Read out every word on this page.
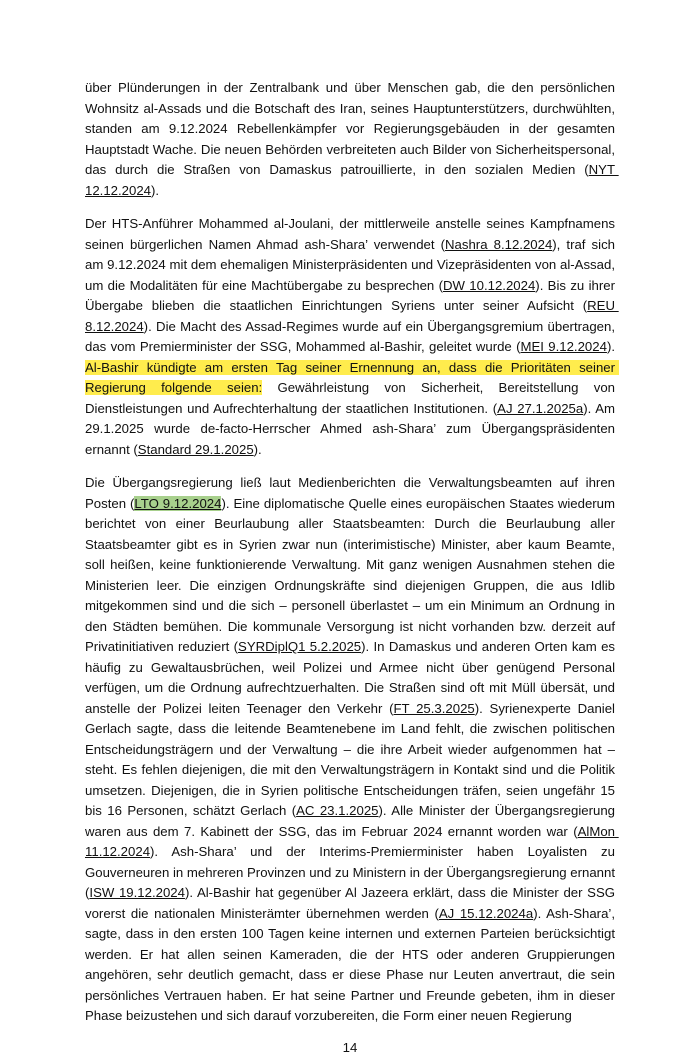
über Plünderungen in der Zentralbank und über Menschen gab, die den persönlichen Wohnsitz al-Assads und die Botschaft des Iran, seines Hauptunterstützers, durchwühlten, standen am 9.12.2024 Rebellenkämpfer vor Regierungsgebäuden in der gesamten Hauptstadt Wache. Die neuen Behörden verbreiteten auch Bilder von Sicherheitspersonal, das durch die Straßen von Damaskus patrouillierte, in den sozialen Medien (NYT 12.12.2024).

Der HTS-Anführer Mohammed al-Joulani, der mittlerweile anstelle seines Kampfnamens seinen bürgerlichen Namen Ahmad ash-Shara’ verwendet (Nashra 8.12.2024), traf sich am 9.12.2024 mit dem ehemaligen Ministerpräsidenten und Vizepräsidenten von al-Assad, um die Modalitäten für eine Machtübergabe zu besprechen (DW 10.12.2024). Bis zu ihrer Übergabe blieben die staatlichen Einrichtungen Syriens unter seiner Aufsicht (REU 8.12.2024). Die Macht des Assad-Regimes wurde auf ein Übergangsgremium übertragen, das vom Premierminister der SSG, Mohammed al-Bashir, geleitet wurde (MEI 9.12.2024). Al-Bashir kündigte am ersten Tag seiner Ernennung an, dass die Prioritäten seiner Regierung folgende seien: Gewährleistung von Sicherheit, Bereitstellung von Dienstleistungen und Aufrechterhaltung der staatlichen Institutionen. (AJ 27.1.2025a). Am 29.1.2025 wurde de-facto-Herrscher Ahmed ash-Shara’ zum Übergangspräsidenten ernannt (Standard 29.1.2025).

Die Übergangsregierung ließ laut Medienberichten die Verwaltungsbeamten auf ihren Posten (LTO 9.12.2024). Eine diplomatische Quelle eines europäischen Staates wiederum berichtet von einer Beurlaubung aller Staatsbeamten: Durch die Beurlaubung aller Staatsbeamter gibt es in Syrien zwar nun (interimistische) Minister, aber kaum Beamte, soll heißen, keine funktionierende Verwaltung. Mit ganz wenigen Ausnahmen stehen die Ministerien leer. Die einzigen Ordnungskräfte sind diejenigen Gruppen, die aus Idlib mitgekommen sind und die sich – personell überlastet – um ein Minimum an Ordnung in den Städten bemühen. Die kommunale Versorgung ist nicht vorhanden bzw. derzeit auf Privatinitiativen reduziert (SYRDiplQ1 5.2.2025). In Damaskus und anderen Orten kam es häufig zu Gewaltausbrüchen, weil Polizei und Armee nicht über genügend Personal verfügen, um die Ordnung aufrechtzuerhalten. Die Straßen sind oft mit Müll übersät, und anstelle der Polizei leiten Teenager den Verkehr (FT 25.3.2025). Syrienexperte Daniel Gerlach sagte, dass die leitende Beamtenebene im Land fehlt, die zwischen politischen Entscheidungsträgern und der Verwaltung – die ihre Arbeit wieder aufgenommen hat – steht. Es fehlen diejenigen, die mit den Verwaltungsträgern in Kontakt sind und die Politik umsetzen. Diejenigen, die in Syrien politische Entscheidungen träfen, seien ungefähr 15 bis 16 Personen, schätzt Gerlach (AC 23.1.2025). Alle Minister der Übergangsregierung waren aus dem 7. Kabinett der SSG, das im Februar 2024 ernannt worden war (AlMon 11.12.2024). Ash-Shara’ und der Interims-Premierminister haben Loyalisten zu Gouverneuren in mehreren Provinzen und zu Ministern in der Übergangsregierung ernannt (ISW 19.12.2024). Al-Bashir hat gegenüber Al Jazeera erklärt, dass die Minister der SSG vorerst die nationalen Ministerämter übernehmen werden (AJ 15.12.2024a). Ash-Shara’, sagte, dass in den ersten 100 Tagen keine internen und externen Parteien berücksichtigt werden. Er hat allen seinen Kameraden, die der HTS oder anderen Gruppierungen angehören, sehr deutlich gemacht, dass er diese Phase nur Leuten anvertraut, die sein persönliches Vertrauen haben. Er hat seine Partner und Freunde gebeten, ihm in dieser Phase beizustehen und sich darauf vorzubereiten, die Form einer neuen Regierung

14
